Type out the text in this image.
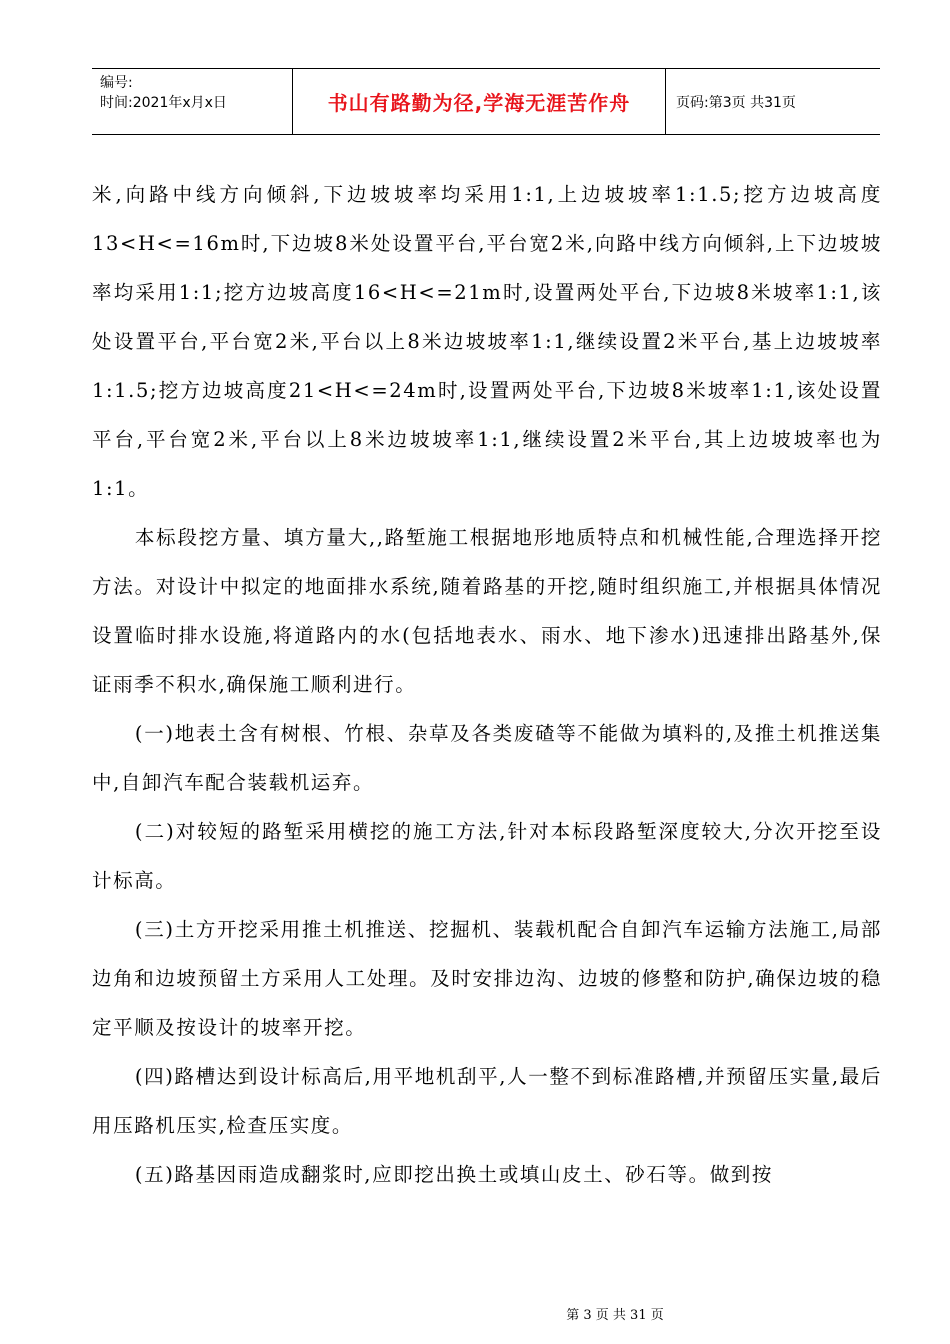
编号:
时间:2021年x月x日	书山有路勤为径,学海无涯苦作舟	页码:第3页 共31页

米,向路中线方向倾斜,下边坡坡率均采用1:1,上边坡坡率1:1.5;挖方边坡高度13<H<=16m时,下边坡8米处设置平台,平台宽2米,向路中线方向倾斜,上下边坡坡率均采用1:1;挖方边坡高度16<H<=21m时,设置两处平台,下边坡8米坡率1:1,该处设置平台,平台宽2米,平台以上8米边坡坡率1:1,继续设置2米平台,基上边坡坡率1:1.5;挖方边坡高度21<H<=24m时,设置两处平台,下边坡8米坡率1:1,该处设置平台,平台宽2米,平台以上8米边坡坡率1:1,继续设置2米平台,其上边坡坡率也为1:1。

本标段挖方量、填方量大,,路堑施工根据地形地质特点和机械性能,合理选择开挖方法。对设计中拟定的地面排水系统,随着路基的开挖,随时组织施工,并根据具体情况设置临时排水设施,将道路内的水(包括地表水、雨水、地下渗水)迅速排出路基外,保证雨季不积水,确保施工顺利进行。

(一)地表土含有树根、竹根、杂草及各类废碴等不能做为填料的,及推土机推送集中,自卸汽车配合装载机运弃。

(二)对较短的路堑采用横挖的施工方法,针对本标段路堑深度较大,分次开挖至设计标高。

(三)土方开挖采用推土机推送、挖掘机、装载机配合自卸汽车运输方法施工,局部边角和边坡预留土方采用人工处理。及时安排边沟、边坡的修整和防护,确保边坡的稳定平顺及按设计的坡率开挖。

(四)路槽达到设计标高后,用平地机刮平,人一整不到标准路槽,并预留压实量,最后用压路机压实,检查压实度。

(五)路基因雨造成翻浆时,应即挖出换土或填山皮土、砂石等。做到按

第 3 页 共 31 页
